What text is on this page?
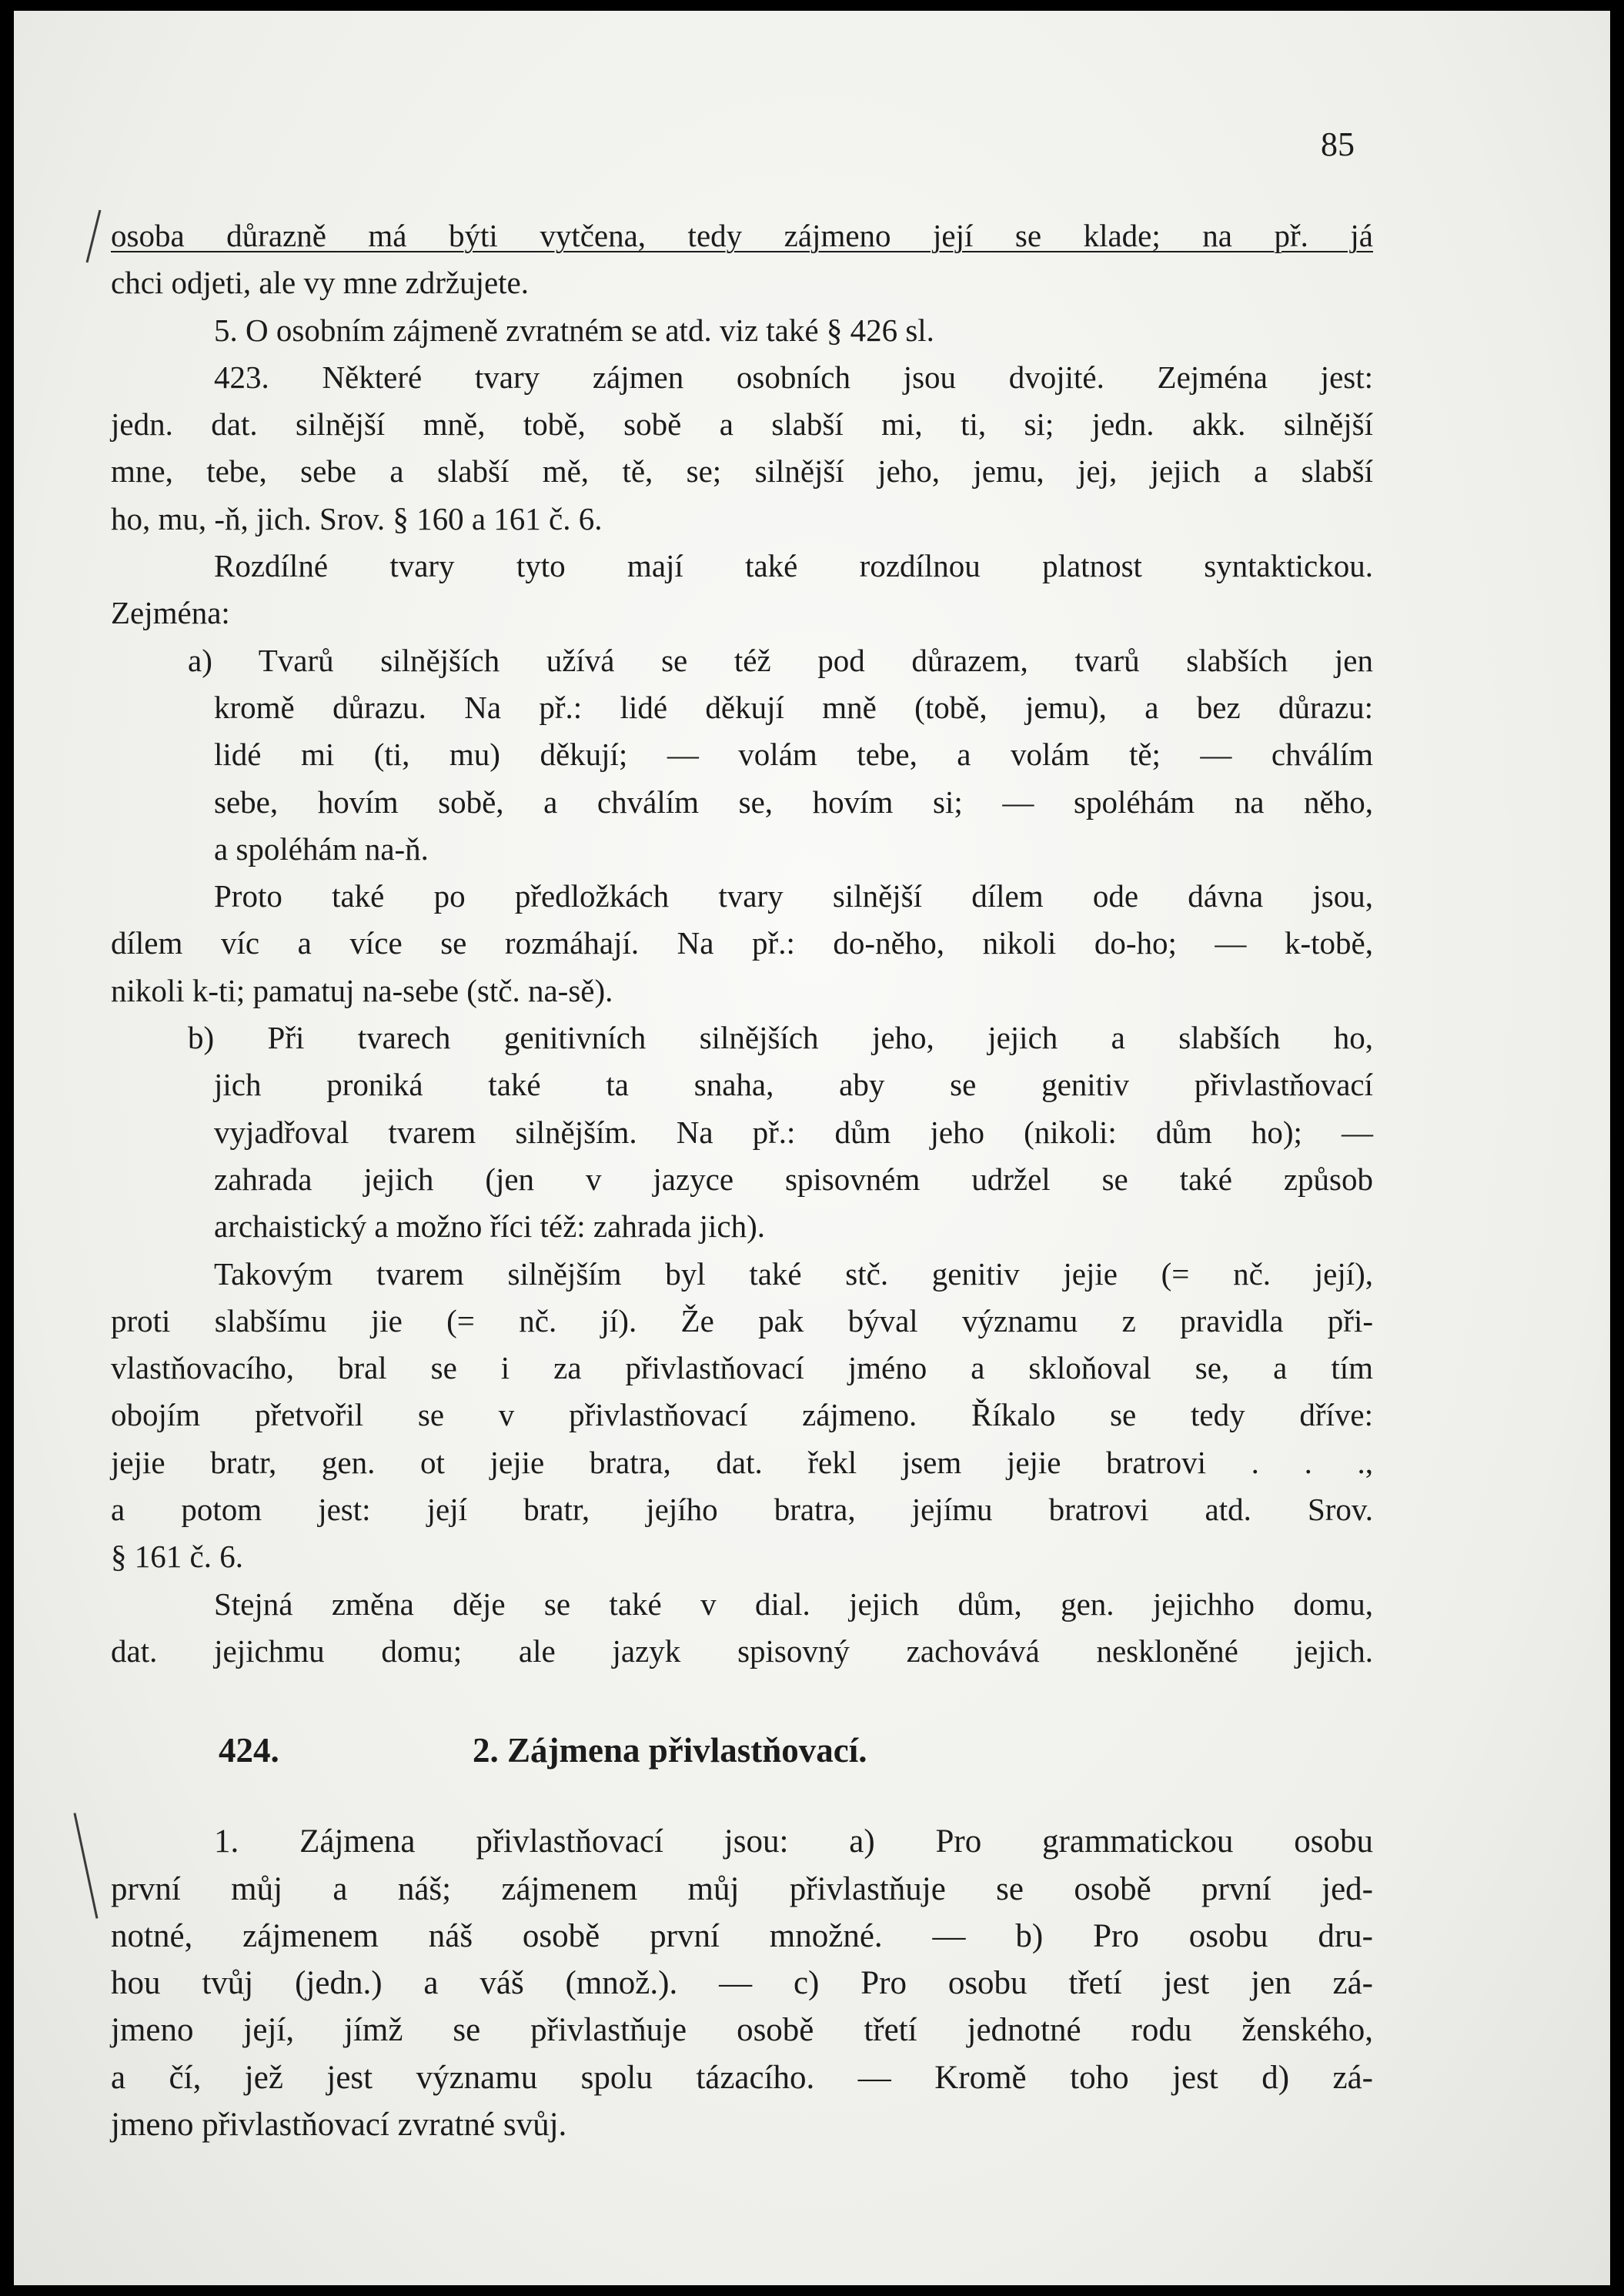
85
osoba důrazně má býti vytčena, tedy zájmeno její se klade; na př. já
chci odjeti, ale vy mne zdržujete.
5. O osobním zájmeně zvratném se atd. viz také § 426 sl.
423. Některé tvary zájmen osobních jsou dvojité. Zejména jest:
jedn. dat. silnější mně, tobě, sobě a slabší mi, ti, si; jedn. akk. silnější
mne, tebe, sebe a slabší mě, tě, se; silnější jeho, jemu, jej, jejich a slabší
ho, mu, -ň, jich. Srov. § 160 a 161 č. 6.
Rozdílné tvary tyto mají také rozdílnou platnost syntaktickou.
Zejména:
a) Tvarů silnějších užívá se též pod důrazem, tvarů slabších jen
kromě důrazu. Na př.: lidé děkují mně (tobě, jemu), a bez důrazu:
lidé mi (ti, mu) děkují; — volám tebe, a volám tě; — chválím
sebe, hovím sobě, a chválím se, hovím si; — spoléhám na něho,
a spoléhám na-ň.
Proto také po předložkách tvary silnější dílem ode dávna jsou,
dílem víc a více se rozmáhají. Na př.: do-něho, nikoli do-ho; — k-tobě,
nikoli k-ti; pamatuj na-sebe (stč. na-sě).
b) Při tvarech genitivních silnějších jeho, jejich a slabších ho,
jich proniká také ta snaha, aby se genitiv přivlastňovací
vyjadřoval tvarem silnějším. Na př.: dům jeho (nikoli: dům ho); —
zahrada jejich (jen v jazyce spisovném udržel se také způsob
archaistický a možno říci též: zahrada jich).
Takovým tvarem silnějším byl také stč. genitiv jejie (= nč. její),
proti slabšímu jie (= nč. jí). Že pak býval významu z pravidla při-
vlastňovacího, bral se i za přivlastňovací jméno a skloňoval se, a tím
obojím přetvořil se v přivlastňovací zájmeno. Říkalo se tedy dříve:
jejie bratr, gen. ot jejie bratra, dat. řekl jsem jejie bratrovi . . .,
a potom jest: její bratr, jejího bratra, jejímu bratrovi atd. Srov.
§ 161 č. 6.
Stejná změna děje se také v dial. jejich dům, gen. jejichho domu,
dat. jejichmu domu; ale jazyk spisovný zachovává neskloněné jejich.
424.	2. Zájmena přivlastňovací.
1. Zájmena přivlastňovací jsou: a) Pro grammatickou osobu
první můj a náš; zájmenem můj přivlastňuje se osobě první jed-
notné, zájmenem náš osobě první množné. — b) Pro osobu dru-
hou tvůj (jedn.) a váš (množ.). — c) Pro osobu třetí jest jen zá-
jmeno její, jímž se přivlastňuje osobě třetí jednotné rodu ženského,
a čí, jež jest významu spolu tázacího. — Kromě toho jest d) zá-
jmeno přivlastňovací zvratné svůj.
